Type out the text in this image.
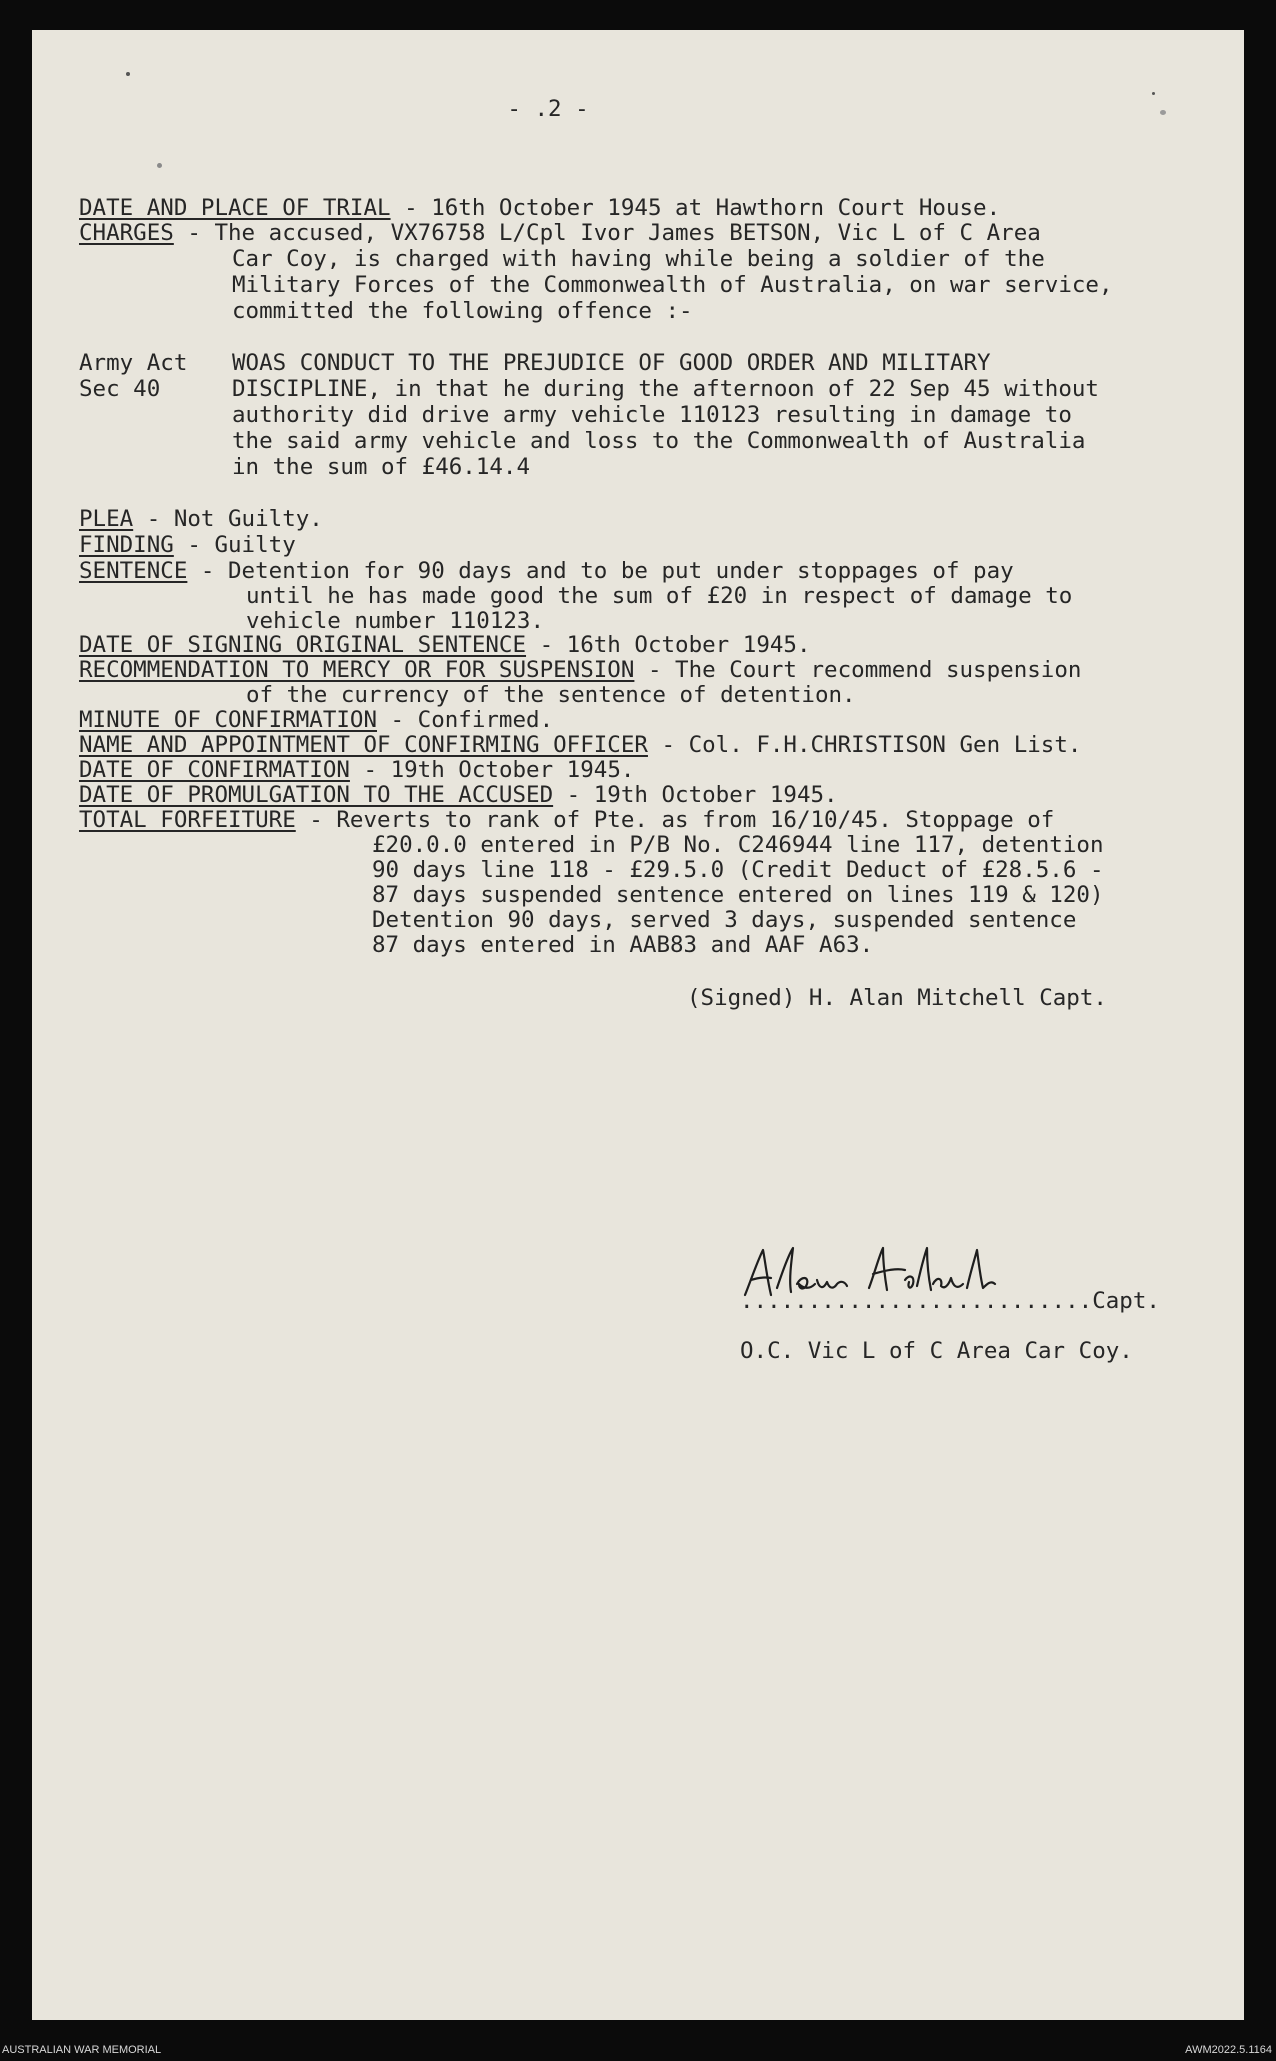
- .2 -
DATE AND PLACE OF TRIAL - 16th October 1945 at Hawthorn Court House.
CHARGES - The accused, VX76758 L/Cpl Ivor James BETSON, Vic L of C Area
Car Coy, is charged with having while being a soldier of the
Military Forces of the Commonwealth of Australia, on war service,
committed the following offence :-
Army Act
Sec 40
WOAS CONDUCT TO THE PREJUDICE OF GOOD ORDER AND MILITARY
DISCIPLINE, in that he during the afternoon of 22 Sep 45 without
authority did drive army vehicle 110123 resulting in damage to
the said army vehicle and loss to the Commonwealth of Australia
in the sum of £46.14.4
PLEA - Not Guilty.
FINDING - Guilty
SENTENCE - Detention for 90 days and to be put under stoppages of pay
until he has made good the sum of £20 in respect of damage to
vehicle number 110123.
DATE OF SIGNING ORIGINAL SENTENCE - 16th October 1945.
RECOMMENDATION TO MERCY OR FOR SUSPENSION - The Court recommend suspension
of the currency of the sentence of detention.
MINUTE OF CONFIRMATION - Confirmed.
NAME AND APPOINTMENT OF CONFIRMING OFFICER - Col. F.H.CHRISTISON Gen List.
DATE OF CONFIRMATION - 19th October 1945.
DATE OF PROMULGATION TO THE ACCUSED - 19th October 1945.
TOTAL FORFEITURE - Reverts to rank of Pte. as from 16/10/45. Stoppage of
£20.0.0 entered in P/B No. C246944 line 117, detention
90 days line 118 - £29.5.0 (Credit Deduct of £28.5.6 -
87 days suspended sentence entered on lines 119 & 120)
Detention 90 days, served 3 days, suspended sentence
87 days entered in AAB83 and AAF A63.
(Signed) H. Alan Mitchell Capt.
..........................Capt.
O.C. Vic L of C Area Car Coy.
AUSTRALIAN WAR MEMORIAL	AWM2022.5.1164
